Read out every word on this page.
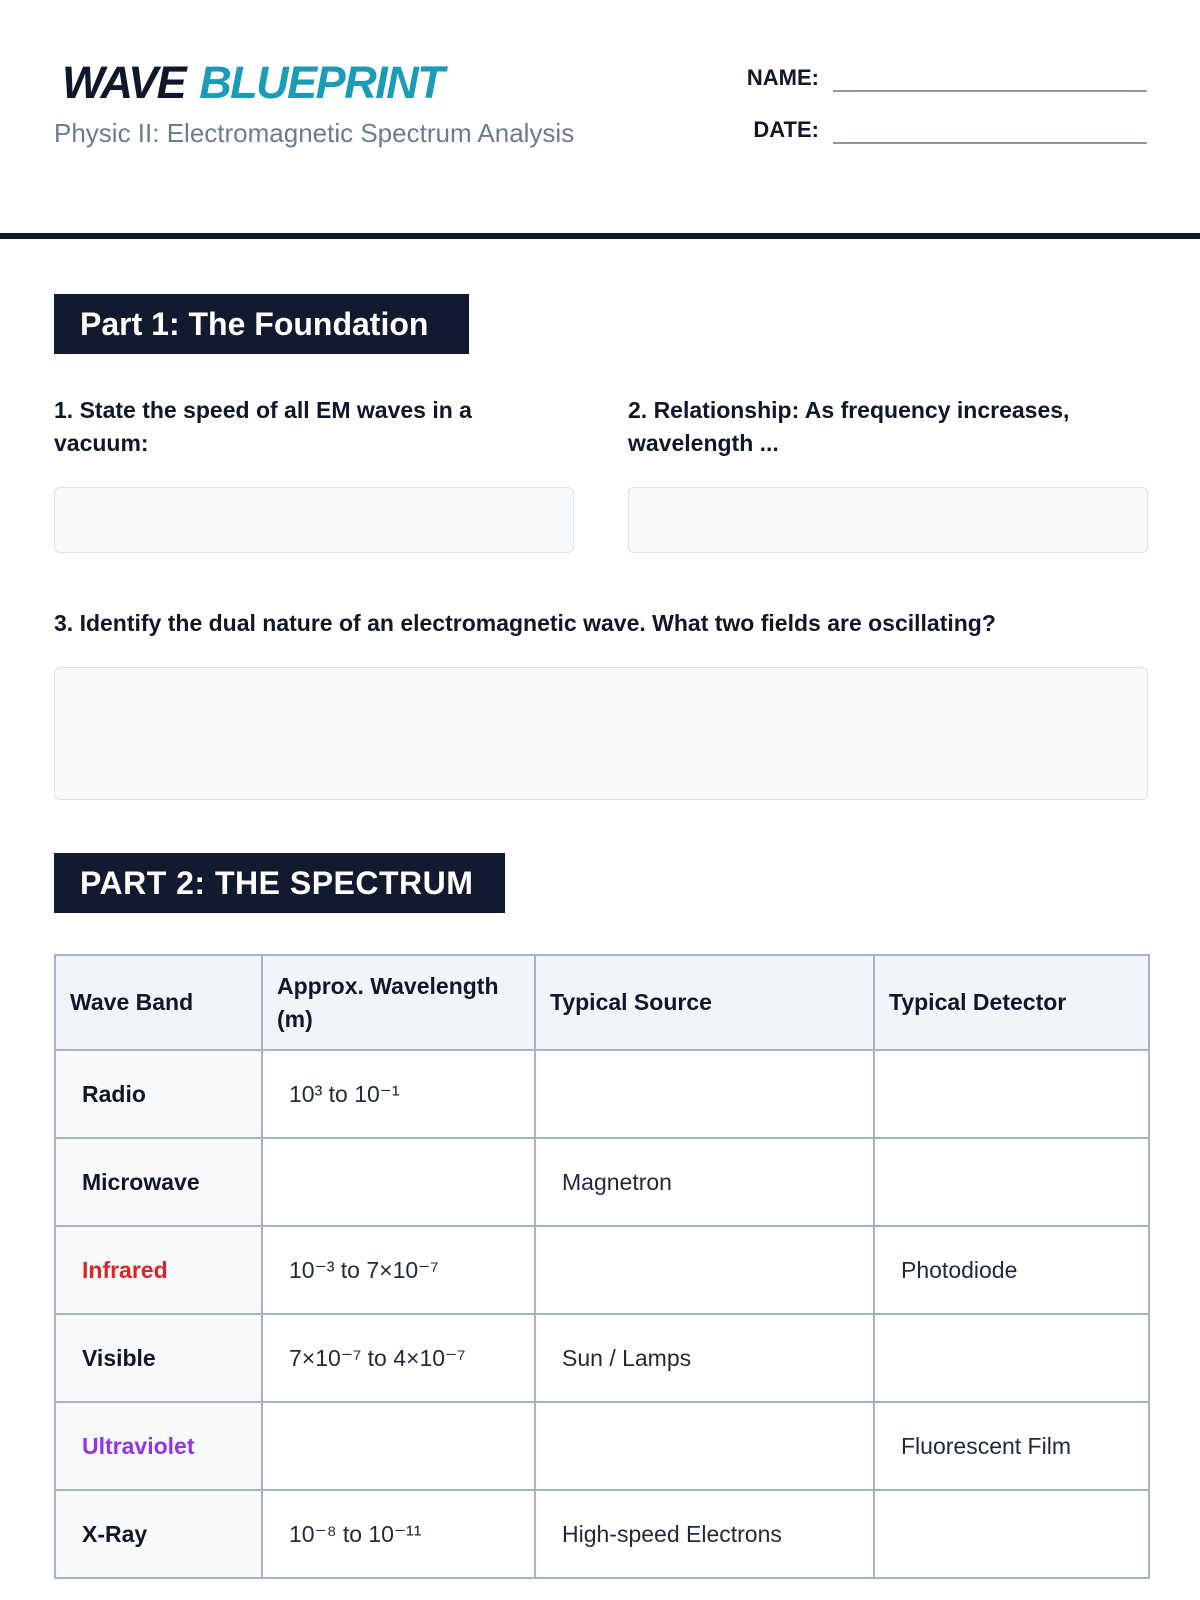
WAVE BLUEPRINT
Physic II: Electromagnetic Spectrum Analysis
NAME:
DATE:
Part 1: The Foundation
1. State the speed of all EM waves in a vacuum:
2. Relationship: As frequency increases, wavelength ...
3. Identify the dual nature of an electromagnetic wave. What two fields are oscillating?
PART 2: THE SPECTRUM
Wave Band	Approx. Wavelength (m)	Typical Source	Typical Detector
Radio	10³ to 10⁻¹		
Microwave		Magnetron	
Infrared	10⁻³ to 7×10⁻⁷		Photodiode
Visible	7×10⁻⁷ to 4×10⁻⁷	Sun / Lamps	
Ultraviolet			Fluorescent Film
X-Ray	10⁻⁸ to 10⁻¹¹	High-speed Electrons	
